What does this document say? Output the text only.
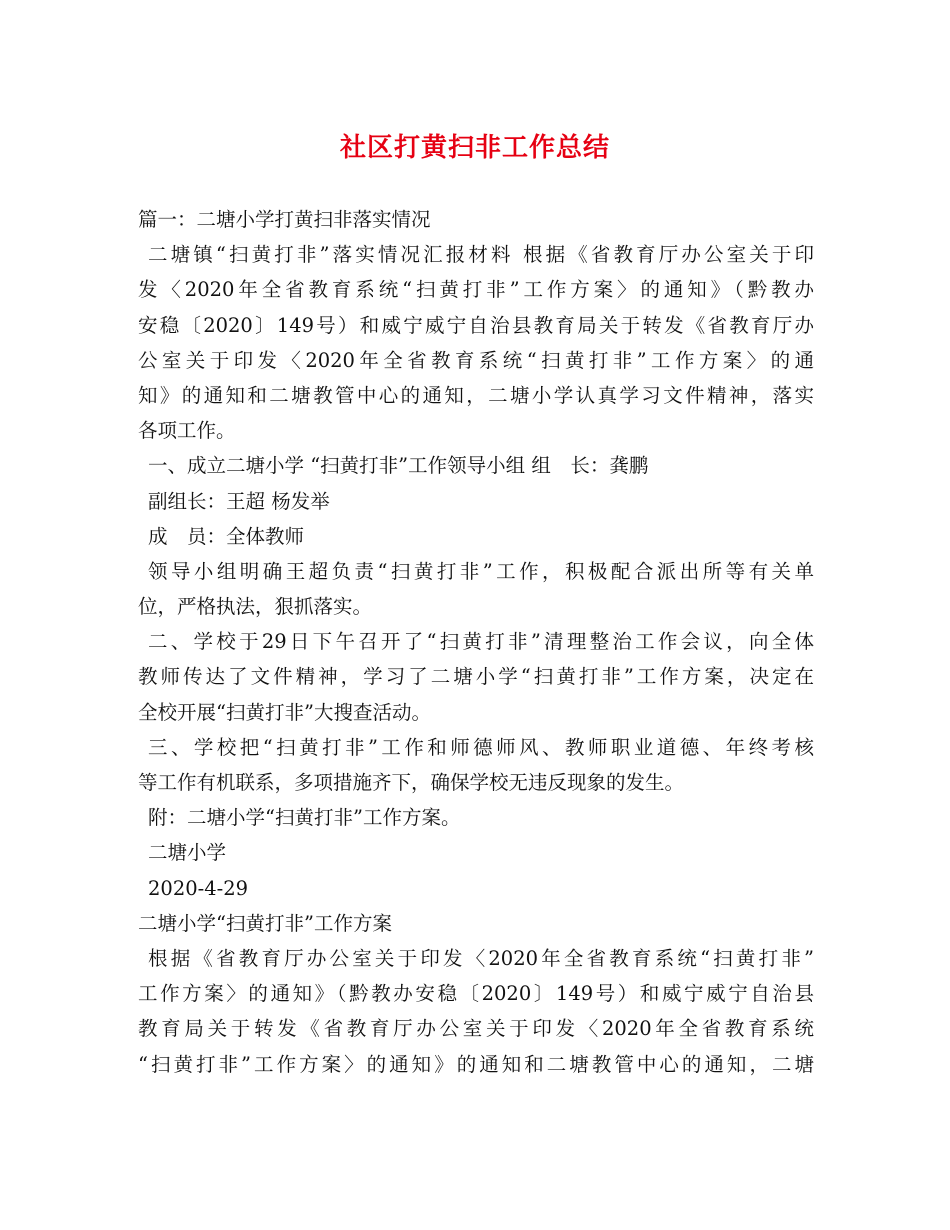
社区打黄扫非工作总结
篇一：二塘小学打黄扫非落实情况
二塘镇“扫黄打非”落实情况汇报材料 根据《省教育厅办公室关于印
发〈2020年全省教育系统“扫黄打非”工作方案〉的通知》（黔教办
安稳〔2020〕149号）和威宁威宁自治县教育局关于转发《省教育厅办
公室关于印发〈2020年全省教育系统“扫黄打非”工作方案〉的通
知》的通知和二塘教管中心的通知，二塘小学认真学习文件精神，落实
各项工作。
一、成立二塘小学 “扫黄打非”工作领导小组 组　长：龚鹏
副组长：王超 杨发举
成　员：全体教师
领导小组明确王超负责“扫黄打非”工作，积极配合派出所等有关单
位，严格执法，狠抓落实。
二、学校于29日下午召开了“扫黄打非”清理整治工作会议，向全体
教师传达了文件精神，学习了二塘小学“扫黄打非”工作方案，决定在
全校开展“扫黄打非”大搜查活动。
三、学校把“扫黄打非”工作和师德师风、教师职业道德、年终考核
等工作有机联系，多项措施齐下，确保学校无违反现象的发生。
附：二塘小学“扫黄打非”工作方案。
二塘小学
2020-4-29
二塘小学“扫黄打非”工作方案
根据《省教育厅办公室关于印发〈2020年全省教育系统“扫黄打非”
工作方案〉的通知》（黔教办安稳〔2020〕149号）和威宁威宁自治县
教育局关于转发《省教育厅办公室关于印发〈2020年全省教育系统
“扫黄打非”工作方案〉的通知》的通知和二塘教管中心的通知，二塘
